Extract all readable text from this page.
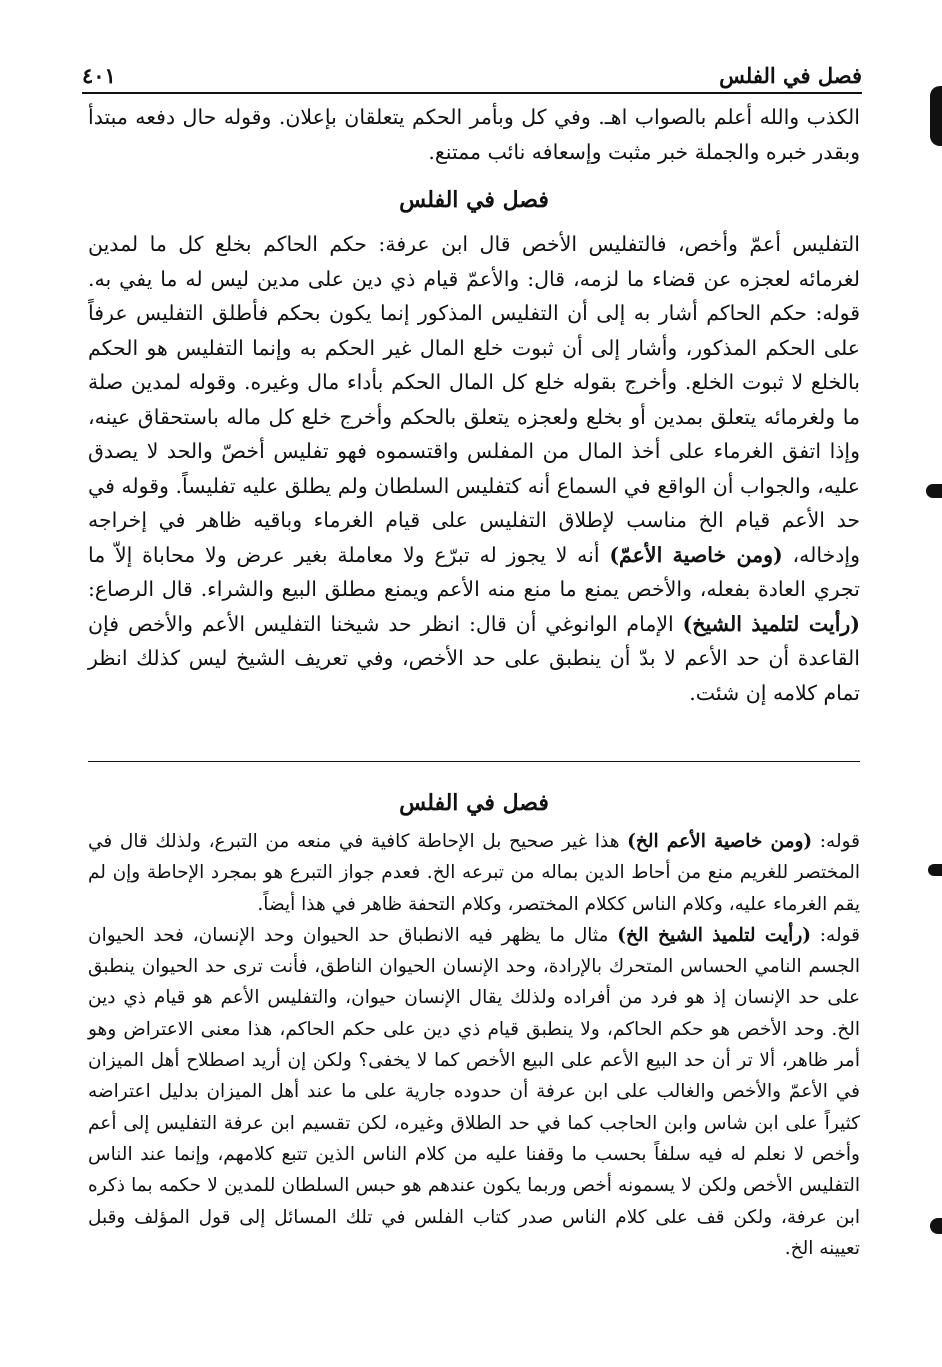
فصل في الفلس
٤٠١

الكذب والله أعلم بالصواب اهـ. وفي كل وبأمر الحكم يتعلقان بإعلان. وقوله حال دفعه مبتدأ وبقدر خبره والجملة خبر مثبت وإسعافه نائب ممتنع.

فصل في الفلس

التفليس أعمّ وأخص، فالتفليس الأخص قال ابن عرفة: حكم الحاكم بخلع كل ما لمدين لغرمائه لعجزه عن قضاء ما لزمه، قال: والأعمّ قيام ذي دين على مدين ليس له ما يفي به. قوله: حكم الحاكم أشار به إلى أن التفليس المذكور إنما يكون بحكم فأطلق التفليس عرفاً على الحكم المذكور، وأشار إلى أن ثبوت خلع المال غير الحكم به وإنما التفليس هو الحكم بالخلع لا ثبوت الخلع. وأخرج بقوله خلع كل المال الحكم بأداء مال وغيره. وقوله لمدين صلة ما ولغرمائه يتعلق بمدين أو بخلع ولعجزه يتعلق بالحكم وأخرج خلع كل ماله باستحقاق عينه، وإذا اتفق الغرماء على أخذ المال من المفلس واقتسموه فهو تفليس أخصّ والحد لا يصدق عليه، والجواب أن الواقع في السماع أنه كتفليس السلطان ولم يطلق عليه تفليساً. وقوله في حد الأعم قيام الخ مناسب لإطلاق التفليس على قيام الغرماء وباقيه ظاهر في إخراجه وإدخاله، (ومن خاصية الأعمّ) أنه لا يجوز له تبرّع ولا معاملة بغير عرض ولا محاباة إلاّ ما تجري العادة بفعله، والأخص يمنع ما منع منه الأعم ويمنع مطلق البيع والشراء. قال الرصاع: (رأيت لتلميذ الشيخ) الإمام الوانوغي أن قال: انظر حد شيخنا التفليس الأعم والأخص فإن القاعدة أن حد الأعم لا بدّ أن ينطبق على حد الأخص، وفي تعريف الشيخ ليس كذلك انظر تمام كلامه إن شئت.

فصل في الفلس

قوله: (ومن خاصية الأعم الخ) هذا غير صحيح بل الإحاطة كافية في منعه من التبرع، ولذلك قال في المختصر للغريم منع من أحاط الدين بماله من تبرعه الخ. فعدم جواز التبرع هو بمجرد الإحاطة وإن لم يقم الغرماء عليه، وكلام الناس ككلام المختصر، وكلام التحفة ظاهر في هذا أيضاً.

قوله: (رأيت لتلميذ الشيخ الخ) مثال ما يظهر فيه الانطباق حد الحيوان وحد الإنسان، فحد الحيوان الجسم النامي الحساس المتحرك بالإرادة، وحد الإنسان الحيوان الناطق، فأنت ترى حد الحيوان ينطبق على حد الإنسان إذ هو فرد من أفراده ولذلك يقال الإنسان حيوان، والتفليس الأعم هو قيام ذي دين الخ. وحد الأخص هو حكم الحاكم، ولا ينطبق قيام ذي دين على حكم الحاكم، هذا معنى الاعتراض وهو أمر ظاهر، ألا تر أن حد البيع الأعم على البيع الأخص كما لا يخفى؟ ولكن إن أريد اصطلاح أهل الميزان في الأعمّ والأخص والغالب على ابن عرفة أن حدوده جارية على ما عند أهل الميزان بدليل اعتراضه كثيراً على ابن شاس وابن الحاجب كما في حد الطلاق وغيره، لكن تقسيم ابن عرفة التفليس إلى أعم وأخص لا نعلم له فيه سلفاً بحسب ما وقفنا عليه من كلام الناس الذين تتبع كلامهم، وإنما عند الناس التفليس الأخص ولكن لا يسمونه أخص وربما يكون عندهم هو حبس السلطان للمدين لا حكمه بما ذكره ابن عرفة، ولكن قف على كلام الناس صدر كتاب الفلس في تلك المسائل إلى قول المؤلف وقبل تعيينه الخ.
